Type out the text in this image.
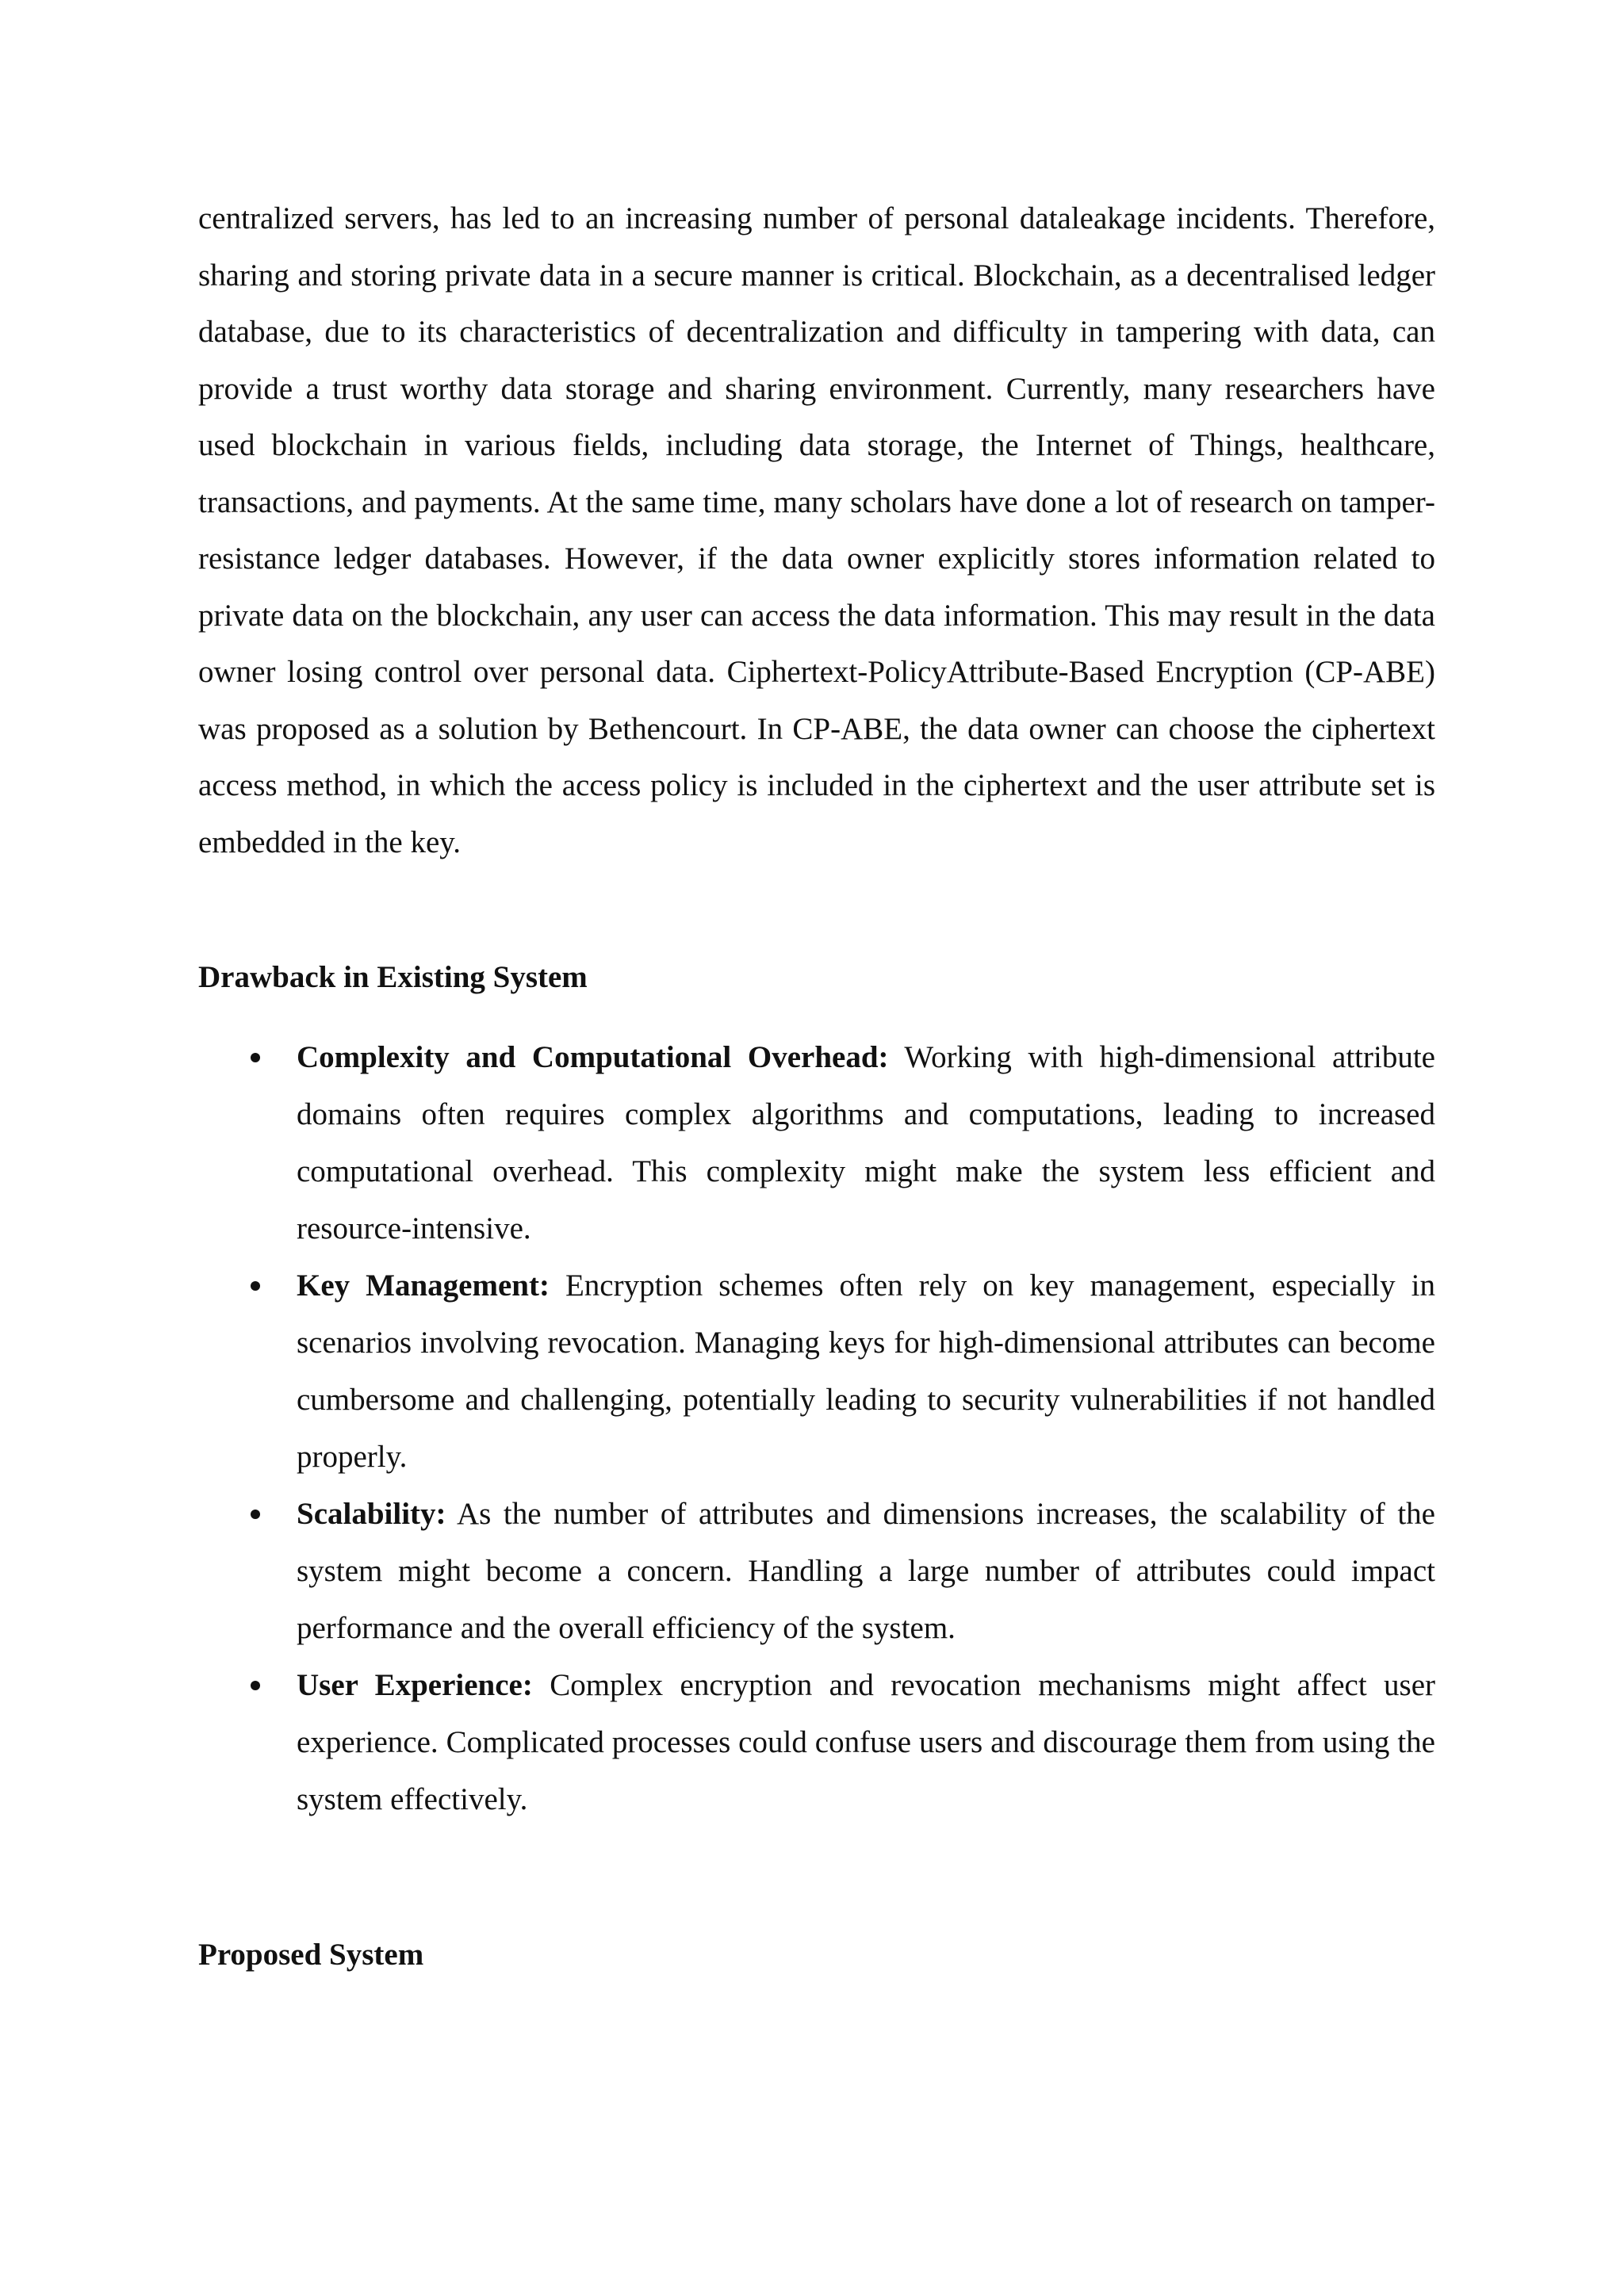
centralized servers, has led to an increasing number of personal dataleakage incidents. Therefore, sharing and storing private data in a secure manner is critical. Blockchain, as a decentralised ledger database, due to its characteristics of decentralization and difficulty in tampering with data, can provide a trust worthy data storage and sharing environment. Currently, many researchers have used blockchain in various fields, including data storage, the Internet of Things, healthcare, transactions, and payments. At the same time, many scholars have done a lot of research on tamper-resistance ledger databases. However, if the data owner explicitly stores information related to private data on the blockchain, any user can access the data information. This may result in the data owner losing control over personal data. Ciphertext-PolicyAttribute-Based Encryption (CP-ABE) was proposed as a solution by Bethencourt. In CP-ABE, the data owner can choose the ciphertext access method, in which the access policy is included in the ciphertext and the user attribute set is embedded in the key.

Drawback in Existing System
Complexity and Computational Overhead: Working with high-dimensional attribute domains often requires complex algorithms and computations, leading to increased computational overhead. This complexity might make the system less efficient and resource-intensive.
Key Management: Encryption schemes often rely on key management, especially in scenarios involving revocation. Managing keys for high-dimensional attributes can become cumbersome and challenging, potentially leading to security vulnerabilities if not handled properly.
Scalability: As the number of attributes and dimensions increases, the scalability of the system might become a concern. Handling a large number of attributes could impact performance and the overall efficiency of the system.
User Experience: Complex encryption and revocation mechanisms might affect user experience. Complicated processes could confuse users and discourage them from using the system effectively.
Proposed System
